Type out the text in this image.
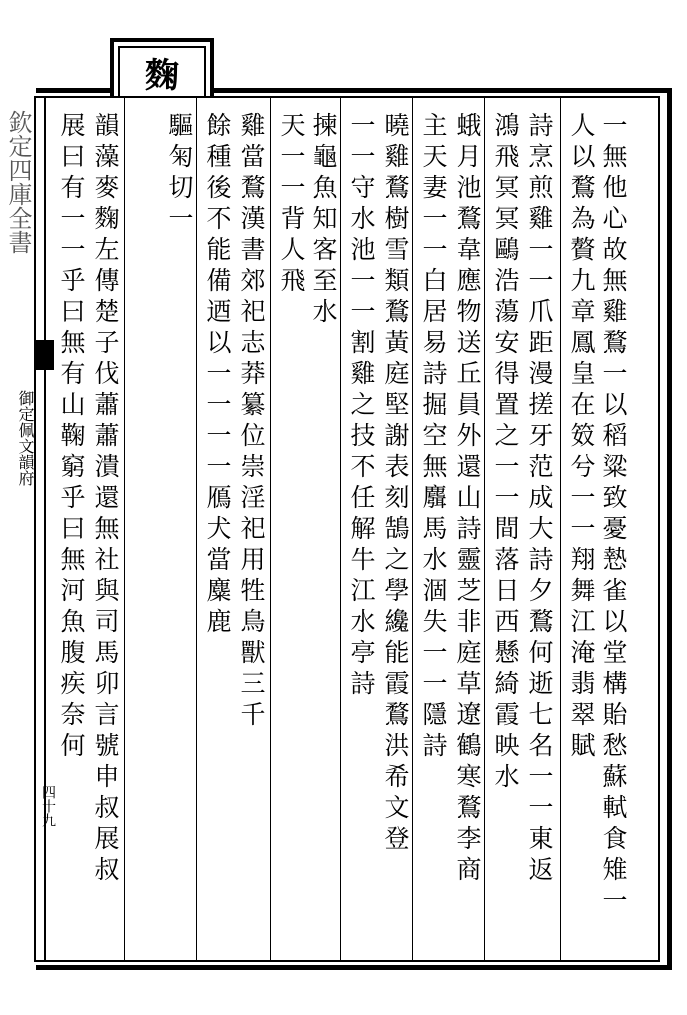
麴
欽定四庫全書
御定佩文韻府
四十九	一無他心故無雞鶩一以稻粱致憂慹雀以堂構貽愁蘇軾食雉一
人以鶩為贅九章鳳皇在笯兮一一翔舞江淹翡翠賦
詩烹煎雞一一爪距漫搓牙范成大詩夕鶩何逝七名一一東返
鴻飛冥冥鷗浩蕩安得置之一一間落日西懸綺霞映水
蛾月池鶩韋應物送丘員外還山詩靈芝非庭草遼鶴寒鶩李商
主天妻一一白居易詩掘空無麛馬水涸失一一隱詩
曉雞鶩樹雪類鶩黃庭堅謝表刻鵠之學纔能霞鶩洪希文登
一一守水池一一割雞之技不任解牛江水亭詩
揀龜魚知客至水
天一一背人飛
雞當鶩漢書郊祀志莽纂位崇淫祀用牲鳥獸三千
餘種後不能備迺以一一一一鴈犬當麋鹿
驅匊切一
韻藻麥麴左傳楚子伐蕭蕭潰還無社與司馬卯言號申叔展叔
展曰有一一乎曰無有山鞠窮乎曰無河魚腹疾奈何
